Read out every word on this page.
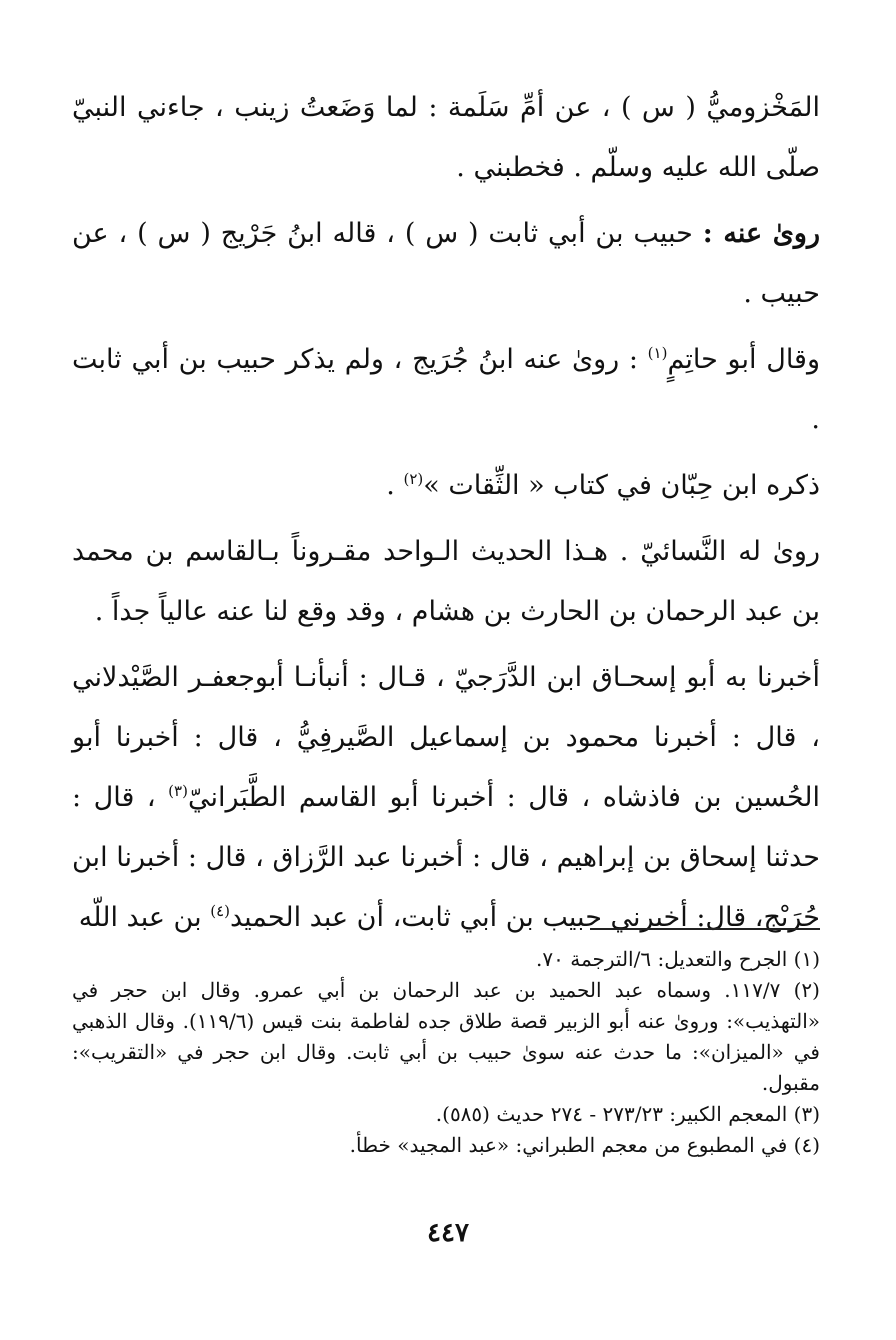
المَخْزوميُّ ( س ) ، عن أمِّ سَلَمة : لما وَضَعتُ زينب ، جاءني النبيّ صلّى الله عليه وسلّم . فخطبني .

روىٰ عنه : حبيب بن أبي ثابت ( س ) ، قاله ابنُ جَرْيج ( س ) ، عن حبيب .

وقال أبو حاتِمٍ$^{(١)}$ : روىٰ عنه ابنُ جُرَيج ، ولم يذكر حبيب بن أبي ثابت .

ذكره ابن حِبّان في كتاب « الثِّقات »$^{(٢)}$ .

روىٰ له النَّسائيّ . هـذا الحديث الـواحد مقـروناً بـالقاسم بن محمد بن عبد الرحمان بن الحارث بن هشام ، وقد وقع لنا عنه عالياً جداً .

أخبرنا به أبو إسحـاق ابن الدَّرَجيّ ، قـال : أنبأنـا أبوجعفـر الصَّيْدلاني ، قال : أخبرنا محمود بن إسماعيل الصَّيرفِيُّ ، قال : أخبرنا أبو الحُسين بن فاذشاه ، قال : أخبرنا أبو القاسم الطَّبَرانيّ$^{(٣)}$ ، قال : حدثنا إسحاق بن إبراهيم ، قال : أخبرنا عبد الرَّزاق ، قال : أخبرنا ابن جُرَيْج، قال: أخبرني حبيب بن أبي ثابت، أن عبد الحميد$^{(٤)}$ بن عبد اللّه

(١) الجرح والتعديل: ٦/الترجمة ٧٠.

(٢) ١١٧/٧. وسماه عبد الحميد بن عبد الرحمان بن أبي عمرو. وقال ابن حجر في «التهذيب»: وروىٰ عنه أبو الزبير قصة طلاق جده لفاطمة بنت قيس (١١٩/٦). وقال الذهبي في «الميزان»: ما حدث عنه سوىٰ حبيب بن أبي ثابت. وقال ابن حجر في «التقريب»: مقبول.

(٣) المعجم الكبير: ٢٧٣/٢٣ - ٢٧٤ حديث (٥٨٥).

(٤) في المطبوع من معجم الطبراني: «عبد المجيد» خطأ.

٤٤٧
